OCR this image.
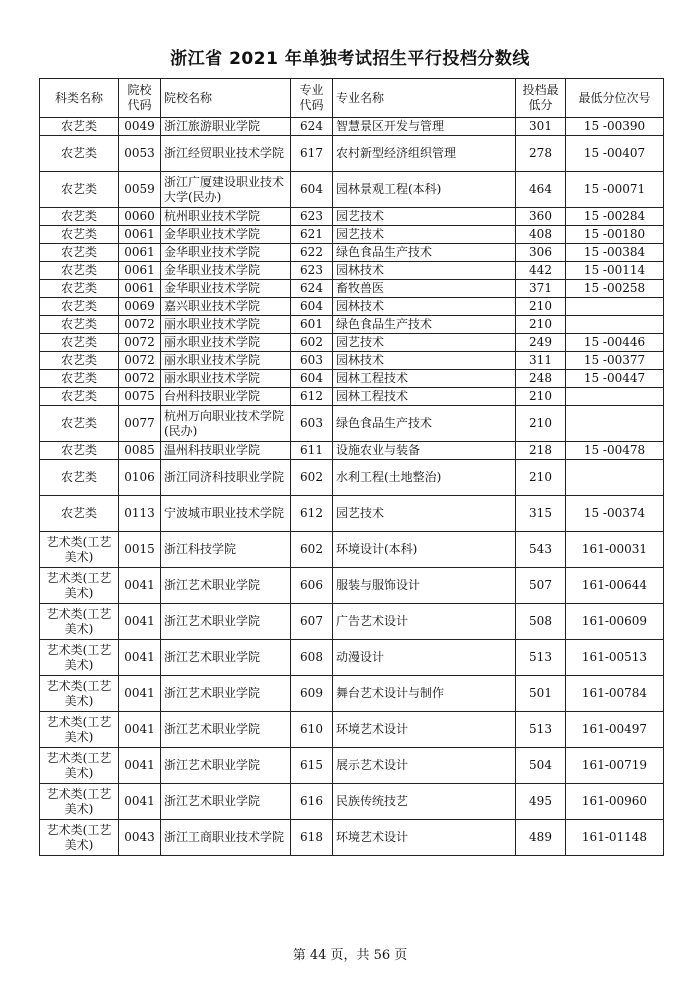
浙江省 2021 年单独考试招生平行投档分数线
科类名称	院校代码	院校名称	专业代码	专业名称	投档最低分	最低分位次号
农艺类	0049	浙江旅游职业学院	624	智慧景区开发与管理	301	15 -00390
农艺类	0053	浙江经贸职业技术学院	617	农村新型经济组织管理	278	15 -00407
农艺类	0059	浙江广厦建设职业技术大学(民办)	604	园林景观工程(本科)	464	15 -00071
农艺类	0060	杭州职业技术学院	623	园艺技术	360	15 -00284
农艺类	0061	金华职业技术学院	621	园艺技术	408	15 -00180
农艺类	0061	金华职业技术学院	622	绿色食品生产技术	306	15 -00384
农艺类	0061	金华职业技术学院	623	园林技术	442	15 -00114
农艺类	0061	金华职业技术学院	624	畜牧兽医	371	15 -00258
农艺类	0069	嘉兴职业技术学院	604	园林技术	210	
农艺类	0072	丽水职业技术学院	601	绿色食品生产技术	210	
农艺类	0072	丽水职业技术学院	602	园艺技术	249	15 -00446
农艺类	0072	丽水职业技术学院	603	园林技术	311	15 -00377
农艺类	0072	丽水职业技术学院	604	园林工程技术	248	15 -00447
农艺类	0075	台州科技职业学院	612	园林工程技术	210	
农艺类	0077	杭州万向职业技术学院(民办)	603	绿色食品生产技术	210	
农艺类	0085	温州科技职业学院	611	设施农业与装备	218	15 -00478
农艺类	0106	浙江同济科技职业学院	602	水利工程(土地整治)	210	
农艺类	0113	宁波城市职业技术学院	612	园艺技术	315	15 -00374
艺术类(工艺美术)	0015	浙江科技学院	602	环境设计(本科)	543	161-00031
艺术类(工艺美术)	0041	浙江艺术职业学院	606	服装与服饰设计	507	161-00644
艺术类(工艺美术)	0041	浙江艺术职业学院	607	广告艺术设计	508	161-00609
艺术类(工艺美术)	0041	浙江艺术职业学院	608	动漫设计	513	161-00513
艺术类(工艺美术)	0041	浙江艺术职业学院	609	舞台艺术设计与制作	501	161-00784
艺术类(工艺美术)	0041	浙江艺术职业学院	610	环境艺术设计	513	161-00497
艺术类(工艺美术)	0041	浙江艺术职业学院	615	展示艺术设计	504	161-00719
艺术类(工艺美术)	0041	浙江艺术职业学院	616	民族传统技艺	495	161-00960
艺术类(工艺美术)	0043	浙江工商职业技术学院	618	环境艺术设计	489	161-01148
第 44 页，共 56 页
